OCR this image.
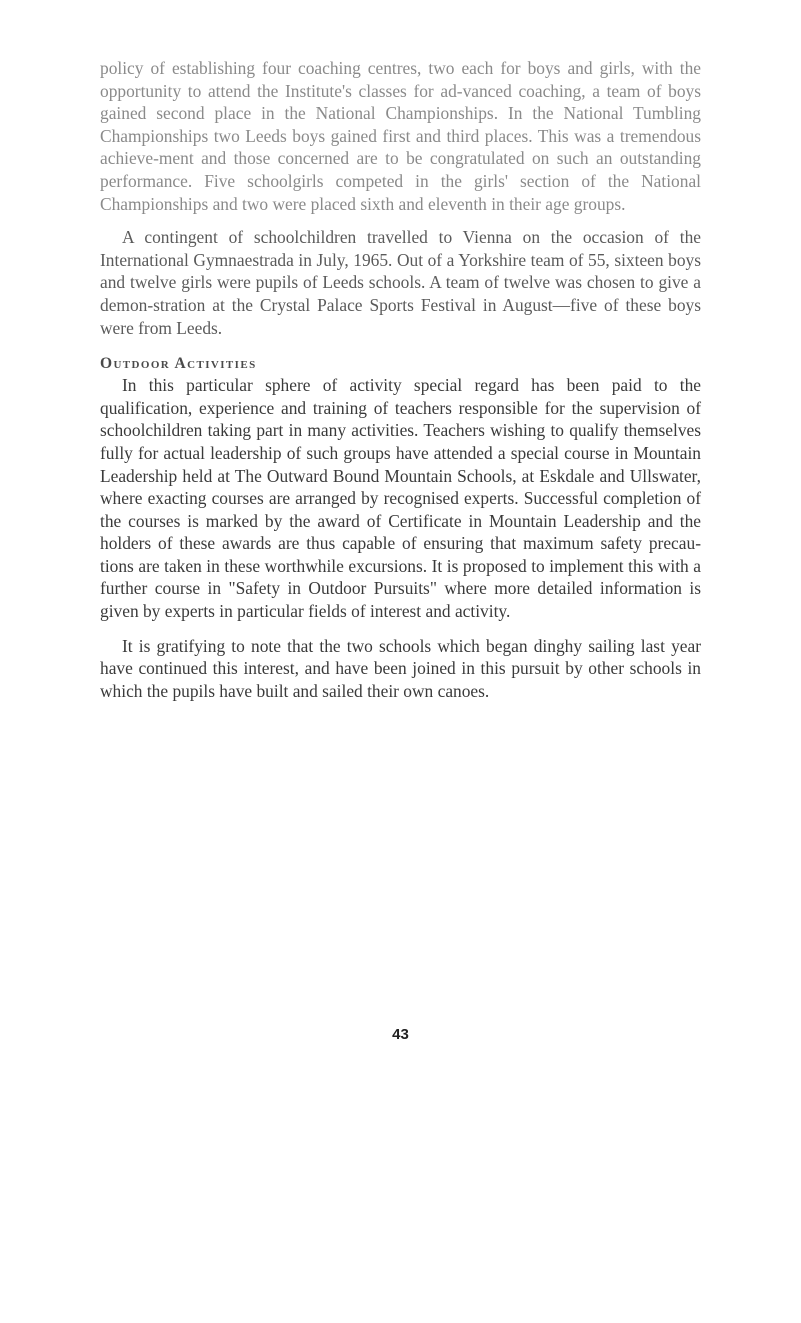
policy of establishing four coaching centres, two each for boys and girls, with the opportunity to attend the Institute's classes for ad-vanced coaching, a team of boys gained second place in the National Championships. In the National Tumbling Championships two Leeds boys gained first and third places. This was a tremendous achieve-ment and those concerned are to be congratulated on such an outstanding performance. Five schoolgirls competed in the girls' section of the National Championships and two were placed sixth and eleventh in their age groups.

A contingent of schoolchildren travelled to Vienna on the occasion of the International Gymnaestrada in July, 1965. Out of a Yorkshire team of 55, sixteen boys and twelve girls were pupils of Leeds schools. A team of twelve was chosen to give a demon-stration at the Crystal Palace Sports Festival in August—five of these boys were from Leeds.

Outdoor Activities

In this particular sphere of activity special regard has been paid to the qualification, experience and training of teachers responsible for the supervision of schoolchildren taking part in many activities. Teachers wishing to qualify themselves fully for actual leadership of such groups have attended a special course in Mountain Leadership held at The Outward Bound Mountain Schools, at Eskdale and Ullswater, where exacting courses are arranged by recognised experts. Successful completion of the courses is marked by the award of Certificate in Mountain Leadership and the holders of these awards are thus capable of ensuring that maximum safety precau-tions are taken in these worthwhile excursions. It is proposed to implement this with a further course in "Safety in Outdoor Pursuits" where more detailed information is given by experts in particular fields of interest and activity.

It is gratifying to note that the two schools which began dinghy sailing last year have continued this interest, and have been joined in this pursuit by other schools in which the pupils have built and sailed their own canoes.

43
